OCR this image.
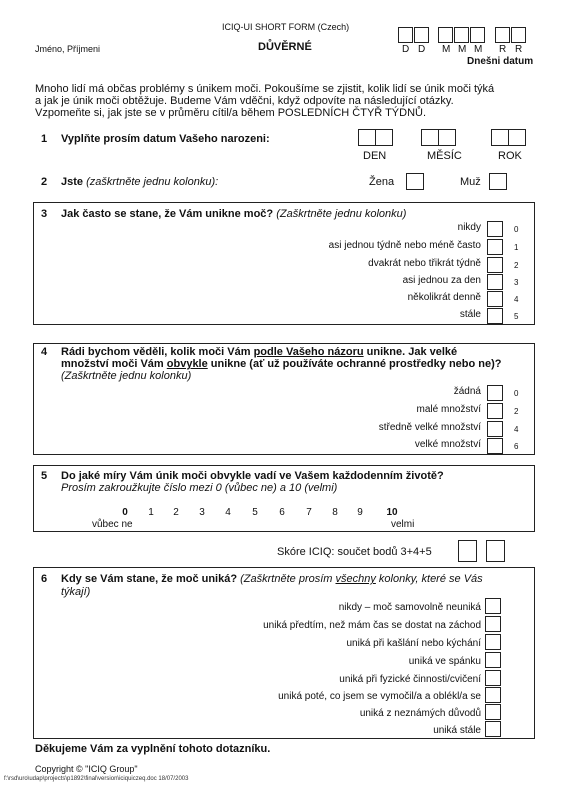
ICIQ-UI SHORT FORM (Czech)
Jméno, Příjmeni	DŮVĚRNÉ	D D M M M R R
Dnešni datum
Mnoho lidí má občas problémy s únikem moči. Pokoušíme se zjistit, kolik lidí se únik moči týká
a jak je únik moči obtěžuje. Budeme Vám vděčni, když odpovíte na následující otázky.
Vzpomeňte si, jak jste se v průměru cítil/a během POSLEDNÍCH ČTYŘ TÝDNŮ.
1 Vyplňte prosím datum Vašeho narozeni:
DEN	MĚSÍC	ROK
2 Jste (zaškrtněte jednu kolonku):	Žena	Muž
3 Jak často se stane, že Vám unikne moč? (Zaškrtněte jednu kolonku)
nikdy	0
asi jednou týdně nebo méně často	1
dvakrát nebo třikrát týdně	2
asi jednou za den	3
několikrát denně	4
stále	5
4 Rádi bychom věděli, kolik moči Vám podle Vašeho názoru unikne. Jak velké
množství moči Vám obvykle unikne (ať už používáte ochranné prostředky nebo ne)?
(Zaškrtněte jednu kolonku)
žádná	0
malé množství	2
středně velké množství	4
velké množství	6
5 Do jaké míry Vám únik moči obvykle vadí ve Vašem každodenním životě?
Prosím zakroužkujte číslo mezi 0 (vůbec ne) a 10 (velmi)
0	1	2	3	4	5	6	7	8	9	10
vůbec ne	velmi
Skóre ICIQ: součet bodů 3+4+5
6 Kdy se Vám stane, že moč uniká? (Zaškrtněte prosím všechny kolonky, které se Vás
týkají)
nikdy – moč samovolně neuniká
uniká předtím, než mám čas se dostat na záchod
uniká při kašlání nebo kýchání
uniká ve spánku
uniká při fyzické činnosti/cvičení
uniká poté, co jsem se vymočil/a a oblékl/a se
uniká z neznámých důvodů
uniká stále
Děkujeme Vám za vyplnění tohoto dotazníku.
Copyright © "ICIQ Group"
f:\rsd\uro\udap\projects\p1892\final\version\iciquiczeq.doc 18/07/2003
